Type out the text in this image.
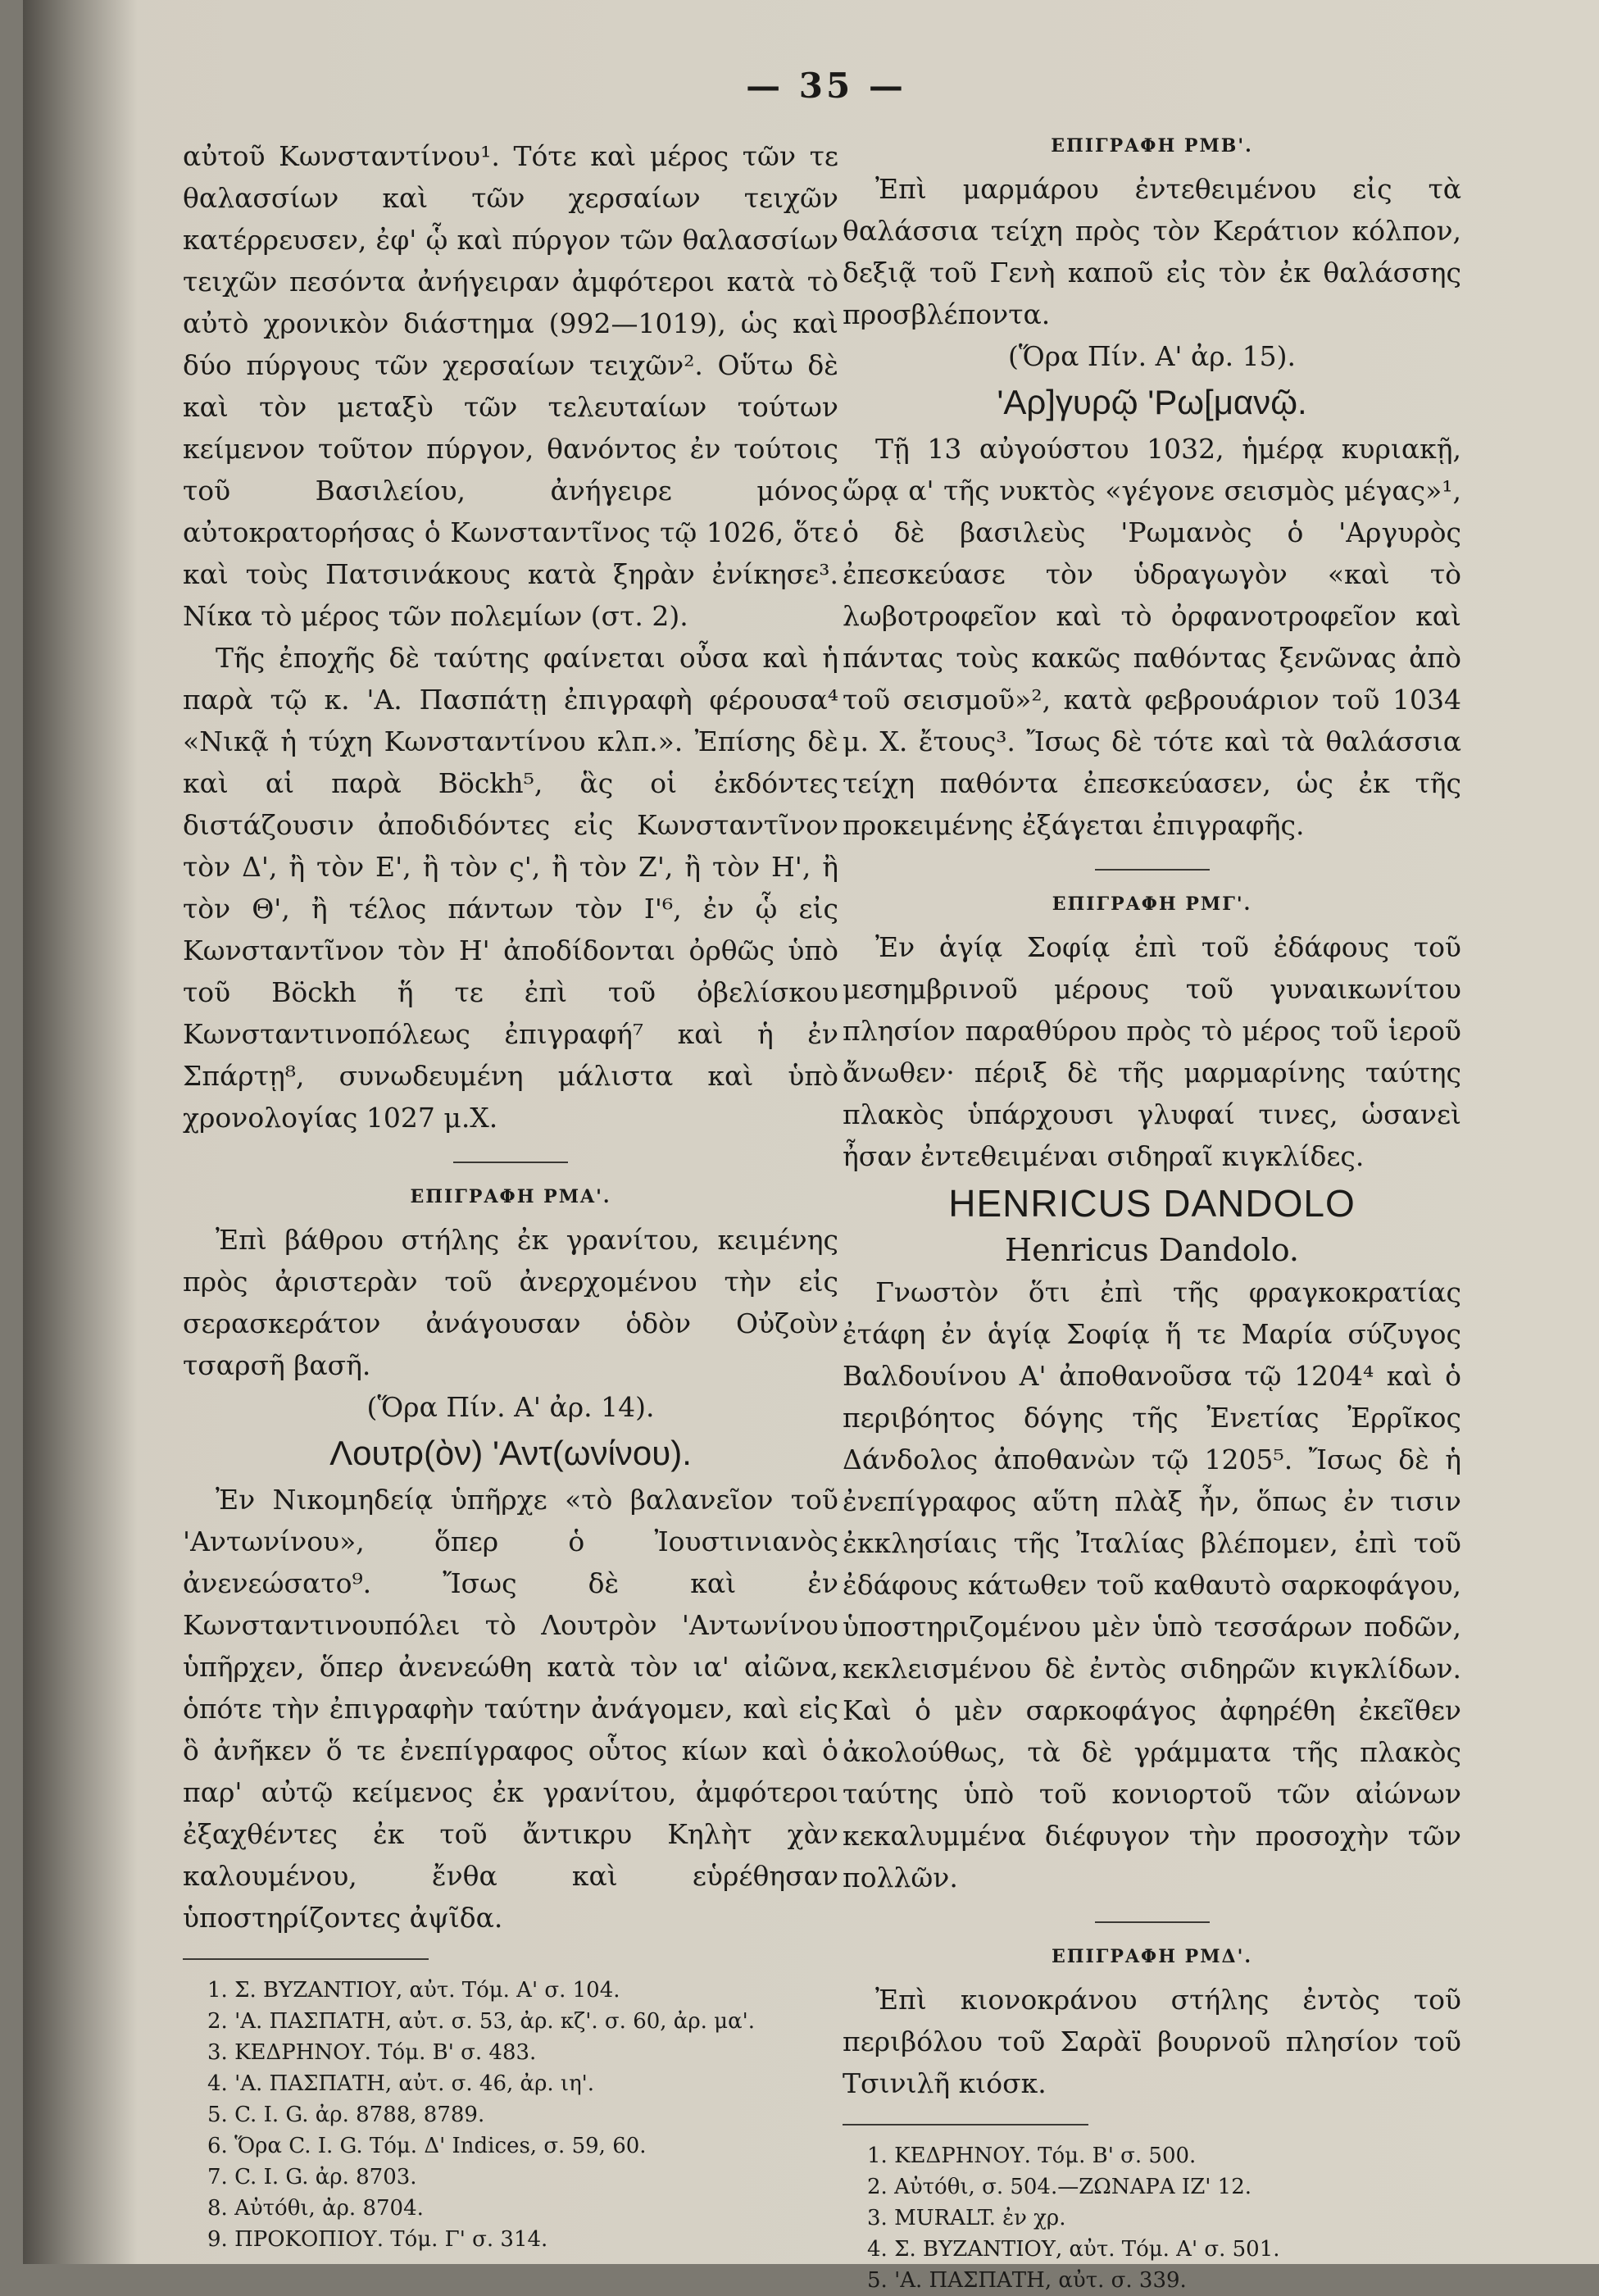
— 35 —

αὐτοῦ Κωνσταντίνου¹. Τότε καὶ μέρος τῶν τε θαλασσίων καὶ τῶν χερσαίων τειχῶν κατέρρευσεν, ἐφ' ᾧ καὶ πύργον τῶν θαλασσίων τειχῶν πεσόντα ἀνήγειραν ἀμφότεροι κατὰ τὸ αὐτὸ χρονικὸν διάστημα (992—1019), ὡς καὶ δύο πύργους τῶν χερσαίων τειχῶν². Οὕτω δὲ καὶ τὸν μεταξὺ τῶν τελευταίων τούτων κείμενον τοῦτον πύργον, θανόντος ἐν τούτοις τοῦ Βασιλείου, ἀνήγειρε μόνος αὐτοκρατορήσας ὁ Κωνσταντῖνος τῷ 1026, ὅτε καὶ τοὺς Πατσινάκους κατὰ ξηρὰν ἐνίκησε³. Νίκα τὸ μέρος τῶν πολεμίων (στ. 2).

Τῆς ἐποχῆς δὲ ταύτης φαίνεται οὖσα καὶ ἡ παρὰ τῷ κ. 'Α. Πασπάτῃ ἐπιγραφὴ φέρουσα⁴ «Νικᾷ ἡ τύχη Κωνσταντίνου κλπ.». Ἐπίσης δὲ καὶ αἱ παρὰ Böckh⁵, ἃς οἱ ἐκδόντες διστάζουσιν ἀποδιδόντες εἰς Κωνσταντῖνον τὸν Δ', ἢ τὸν Ε', ἢ τὸν ς', ἢ τὸν Ζ', ἢ τὸν Η', ἢ τὸν Θ', ἢ τέλος πάντων τὸν Ι'⁶, ἐν ᾧ εἰς Κωνσταντῖνον τὸν Η' ἀποδίδονται ὀρθῶς ὑπὸ τοῦ Böckh ἥ τε ἐπὶ τοῦ ὀβελίσκου Κωνσταντινοπόλεως ἐπιγραφή⁷ καὶ ἡ ἐν Σπάρτῃ⁸, συνωδευμένη μάλιστα καὶ ὑπὸ χρονολογίας 1027 μ.Χ.

ΕΠΙΓΡΑΦΗ ΡΜΑ'.

Ἐπὶ βάθρου στήλης ἐκ γρανίτου, κειμένης πρὸς ἀριστερὰν τοῦ ἀνερχομένου τὴν εἰς σερασκεράτον ἀνάγουσαν ὁδὸν Οὐζοὺν τσαρσῆ βασῆ.

(Ὅρα Πίν. Α' ἀρ. 14).
Λουτρ(ὸν) 'Αντ(ωνίνου).

Ἐν Νικομηδείᾳ ὑπῆρχε «τὸ βαλανεῖον τοῦ 'Αντωνίνου», ὅπερ ὁ Ἰουστινιανὸς ἀνενεώσατο⁹. Ἴσως δὲ καὶ ἐν Κωνσταντινουπόλει τὸ Λουτρὸν 'Αντωνίνου ὑπῆρχεν, ὅπερ ἀνενεώθη κατὰ τὸν ια' αἰῶνα, ὁπότε τὴν ἐπιγραφὴν ταύτην ἀνάγομεν, καὶ εἰς ὃ ἀνῆκεν ὅ τε ἐνεπίγραφος οὗτος κίων καὶ ὁ παρ' αὐτῷ κείμενος ἐκ γρανίτου, ἀμφότεροι ἐξαχθέντες ἐκ τοῦ ἄντικρυ Κηλὴτ χὰν καλουμένου, ἔνθα καὶ εὑρέθησαν ὑποστηρίζοντες ἀψῖδα.

1. Σ. ΒΥΖΑΝΤΙΟΥ, αὐτ. Τόμ. Α' σ. 104.

2. 'Α. ΠΑΣΠΑΤΗ, αὐτ. σ. 53, ἀρ. κζ'. σ. 60, ἀρ. μα'.

3. ΚΕΔΡΗΝΟΥ. Τόμ. Β' σ. 483.

4. 'Α. ΠΑΣΠΑΤΗ, αὐτ. σ. 46, ἀρ. ιη'.

5. C. I. G. ἀρ. 8788, 8789.

6. Ὅρα C. I. G. Τόμ. Δ' Indices, σ. 59, 60.

7. C. I. G. ἀρ. 8703.

8. Αὐτόθι, ἀρ. 8704.

9. ΠΡΟΚΟΠΙΟΥ. Τόμ. Γ' σ. 314.

ΕΠΙΓΡΑΦΗ ΡΜΒ'.

Ἐπὶ μαρμάρου ἐντεθειμένου εἰς τὰ θαλάσσια τείχη πρὸς τὸν Κεράτιον κόλπον, δεξιᾷ τοῦ Γενὴ καποῦ εἰς τὸν ἐκ θαλάσσης προσβλέποντα.

(Ὅρα Πίν. Α' ἀρ. 15).
'Αρ]γυρῷ 'Ρω[μανῷ.

Τῇ 13 αὐγούστου 1032, ἡμέρᾳ κυριακῇ, ὥρᾳ α' τῆς νυκτὸς «γέγονε σεισμὸς μέγας»¹, ὁ δὲ βασιλεὺς 'Ρωμανὸς ὁ 'Αργυρὸς ἐπεσκεύασε τὸν ὑδραγωγὸν «καὶ τὸ λωβοτροφεῖον καὶ τὸ ὀρφανοτροφεῖον καὶ πάντας τοὺς κακῶς παθόντας ξενῶνας ἀπὸ τοῦ σεισμοῦ»², κατὰ φεβρουάριον τοῦ 1034 μ. Χ. ἔτους³. Ἴσως δὲ τότε καὶ τὰ θαλάσσια τείχη παθόντα ἐπεσκεύασεν, ὡς ἐκ τῆς προκειμένης ἐξάγεται ἐπιγραφῆς.

ΕΠΙΓΡΑΦΗ ΡΜΓ'.

Ἐν ἁγίᾳ Σοφίᾳ ἐπὶ τοῦ ἐδάφους τοῦ μεσημβρινοῦ μέρους τοῦ γυναικωνίτου πλησίον παραθύρου πρὸς τὸ μέρος τοῦ ἱεροῦ ἄνωθεν· πέριξ δὲ τῆς μαρμαρίνης ταύτης πλακὸς ὑπάρχουσι γλυφαί τινες, ὡσανεὶ ἦσαν ἐντεθειμέναι σιδηραῖ κιγκλίδες.

HENRICUS DANDOLO
Henricus Dandolo.

Γνωστὸν ὅτι ἐπὶ τῆς φραγκοκρατίας ἐτάφη ἐν ἁγίᾳ Σοφίᾳ ἥ τε Μαρία σύζυγος Βαλδουίνου Α' ἀποθανοῦσα τῷ 1204⁴ καὶ ὁ περιβόητος δόγης τῆς Ἐνετίας Ἐρρῖκος Δάνδολος ἀποθανὼν τῷ 1205⁵. Ἴσως δὲ ἡ ἐνεπίγραφος αὕτη πλὰξ ἦν, ὅπως ἐν τισιν ἐκκλησίαις τῆς Ἰταλίας βλέπομεν, ἐπὶ τοῦ ἐδάφους κάτωθεν τοῦ καθαυτὸ σαρκοφάγου, ὑποστηριζομένου μὲν ὑπὸ τεσσάρων ποδῶν, κεκλεισμένου δὲ ἐντὸς σιδηρῶν κιγκλίδων. Καὶ ὁ μὲν σαρκοφάγος ἀφηρέθη ἐκεῖθεν ἀκολούθως, τὰ δὲ γράμματα τῆς πλακὸς ταύτης ὑπὸ τοῦ κονιορτοῦ τῶν αἰώνων κεκαλυμμένα διέφυγον τὴν προσοχὴν τῶν πολλῶν.

ΕΠΙΓΡΑΦΗ ΡΜΔ'.

Ἐπὶ κιονοκράνου στήλης ἐντὸς τοῦ περιβόλου τοῦ Σαρὰϊ βουρνοῦ πλησίον τοῦ Τσινιλῆ κιόσκ.

1. ΚΕΔΡΗΝΟΥ. Τόμ. Β' σ. 500.

2. Αὐτόθι, σ. 504.—ΖΩΝΑΡΑ ΙΖ' 12.

3. MURALT. ἐν χρ.

4. Σ. ΒΥΖΑΝΤΙΟΥ, αὐτ. Τόμ. Α' σ. 501.

5. 'Α. ΠΑΣΠΑΤΗ, αὐτ. σ. 339.
